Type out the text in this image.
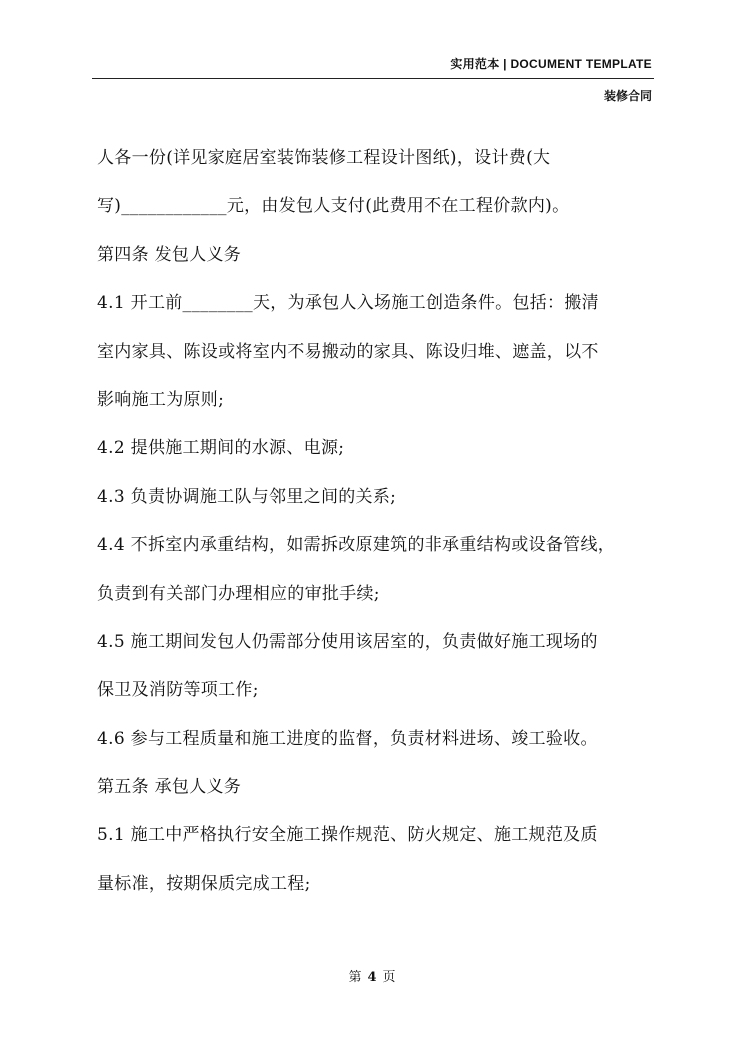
实用范本 | DOCUMENT TEMPLATE
装修合同
人各一份(详见家庭居室装饰装修工程设计图纸)，设计费(大
写)____________元，由发包人支付(此费用不在工程价款内)。
第四条 发包人义务
4.1 开工前________天，为承包人入场施工创造条件。包括：搬清
室内家具、陈设或将室内不易搬动的家具、陈设归堆、遮盖，以不
影响施工为原则;
4.2 提供施工期间的水源、电源;
4.3 负责协调施工队与邻里之间的关系;
4.4 不拆室内承重结构，如需拆改原建筑的非承重结构或设备管线，
负责到有关部门办理相应的审批手续;
4.5 施工期间发包人仍需部分使用该居室的，负责做好施工现场的
保卫及消防等项工作;
4.6 参与工程质量和施工进度的监督，负责材料进场、竣工验收。
第五条 承包人义务
5.1 施工中严格执行安全施工操作规范、防火规定、施工规范及质
量标准，按期保质完成工程;
第 4 页
